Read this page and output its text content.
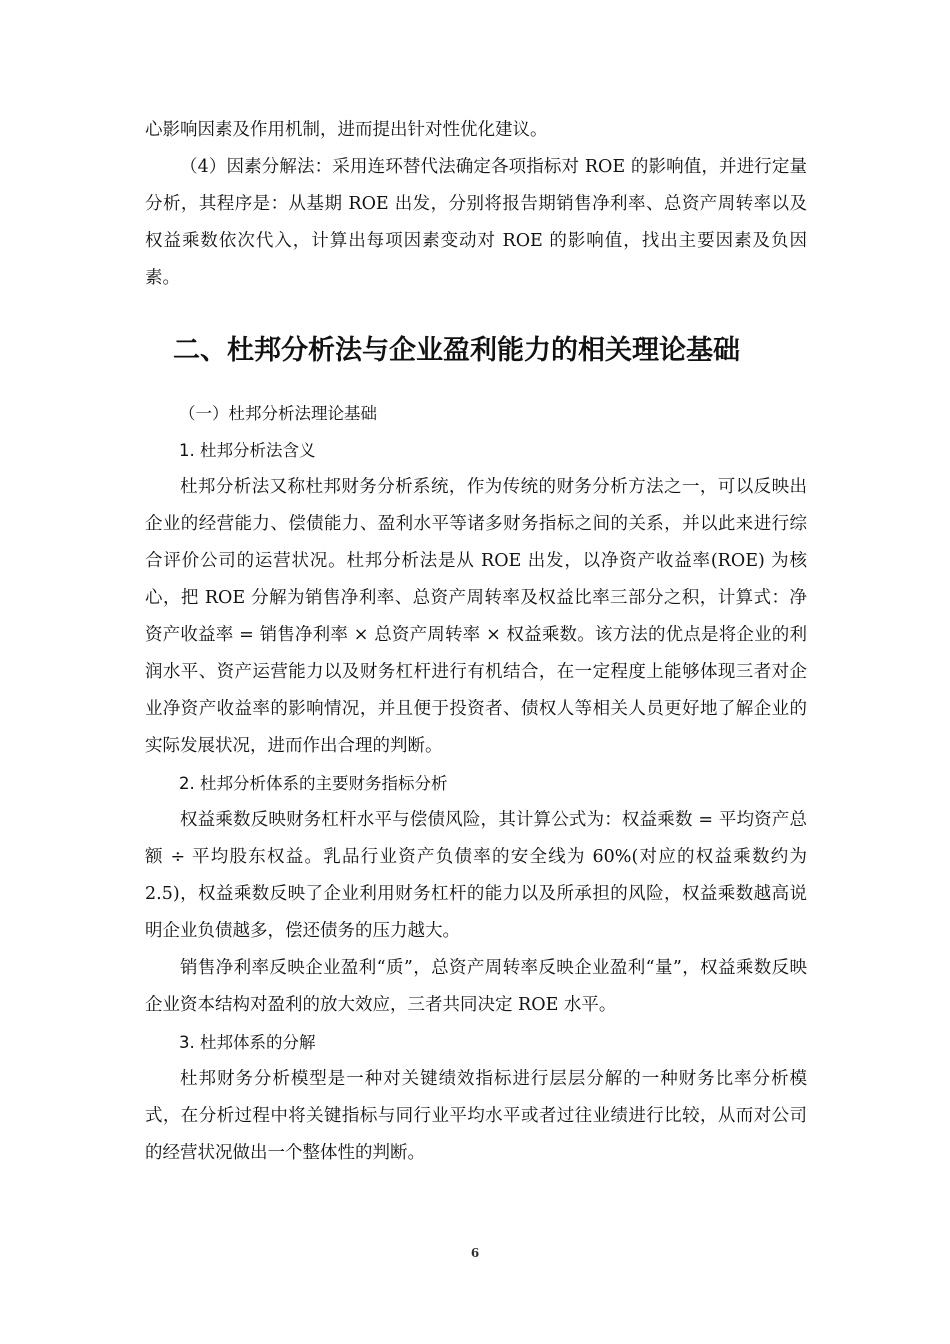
心影响因素及作用机制，进而提出针对性优化建议。

（4）因素分解法：采用连环替代法确定各项指标对 ROE 的影响值，并进行定量分析，其程序是：从基期 ROE 出发，分别将报告期销售净利率、总资产周转率以及权益乘数依次代入，计算出每项因素变动对 ROE 的影响值，找出主要因素及负因素。

二、杜邦分析法与企业盈利能力的相关理论基础
（一）杜邦分析法理论基础
1. 杜邦分析法含义

杜邦分析法又称杜邦财务分析系统，作为传统的财务分析方法之一，可以反映出企业的经营能力、偿债能力、盈利水平等诸多财务指标之间的关系，并以此来进行综合评价公司的运营状况。杜邦分析法是从 ROE 出发，以净资产收益率(ROE) 为核心，把 ROE 分解为销售净利率、总资产周转率及权益比率三部分之积，计算式：净资产收益率 = 销售净利率 × 总资产周转率 × 权益乘数。该方法的优点是将企业的利润水平、资产运营能力以及财务杠杆进行有机结合，在一定程度上能够体现三者对企业净资产收益率的影响情况，并且便于投资者、债权人等相关人员更好地了解企业的实际发展状况，进而作出合理的判断。

2. 杜邦分析体系的主要财务指标分析

权益乘数反映财务杠杆水平与偿债风险，其计算公式为：权益乘数 = 平均资产总额 ÷ 平均股东权益。乳品行业资产负债率的安全线为 60%(对应的权益乘数约为 2.5)，权益乘数反映了企业利用财务杠杆的能力以及所承担的风险，权益乘数越高说明企业负债越多，偿还债务的压力越大。

销售净利率反映企业盈利“质”，总资产周转率反映企业盈利“量”，权益乘数反映企业资本结构对盈利的放大效应，三者共同决定 ROE 水平。

3. 杜邦体系的分解

杜邦财务分析模型是一种对关键绩效指标进行层层分解的一种财务比率分析模式，在分析过程中将关键指标与同行业平均水平或者过往业绩进行比较，从而对公司的经营状况做出一个整体性的判断。

6
